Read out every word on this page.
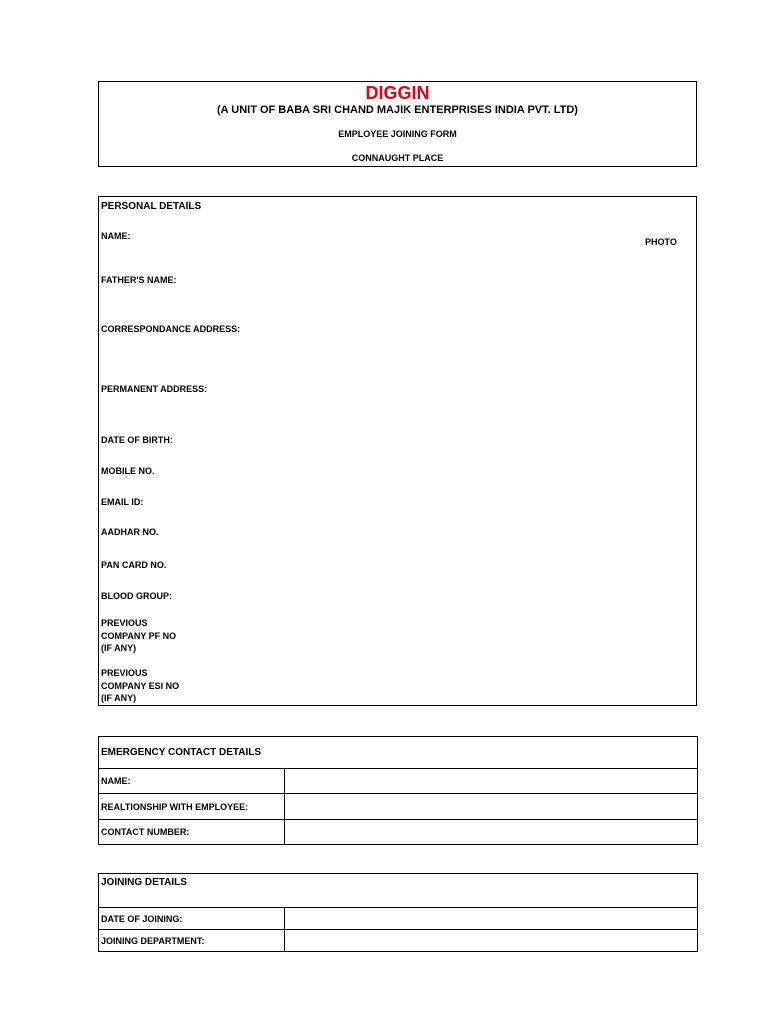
DIGGIN
(A UNIT OF BABA SRI CHAND MAJIK ENTERPRISES INDIA PVT. LTD)
EMPLOYEE JOINING FORM
CONNAUGHT PLACE
PERSONAL DETAILS
PHOTO
NAME:
FATHER'S NAME:
CORRESPONDANCE ADDRESS:
PERMANENT ADDRESS:
DATE OF BIRTH:
MOBILE NO.
EMAIL ID:
AADHAR NO.
PAN CARD NO.
BLOOD GROUP:
PREVIOUS
COMPANY PF NO
(IF ANY)
PREVIOUS
COMPANY ESI NO
(IF ANY)
EMERGENCY CONTACT DETAILS	
NAME:	
REALTIONSHIP WITH EMPLOYEE:	
CONTACT NUMBER:	
JOINING DETAILS	
DATE OF JOINING:	
JOINING DEPARTMENT:	
